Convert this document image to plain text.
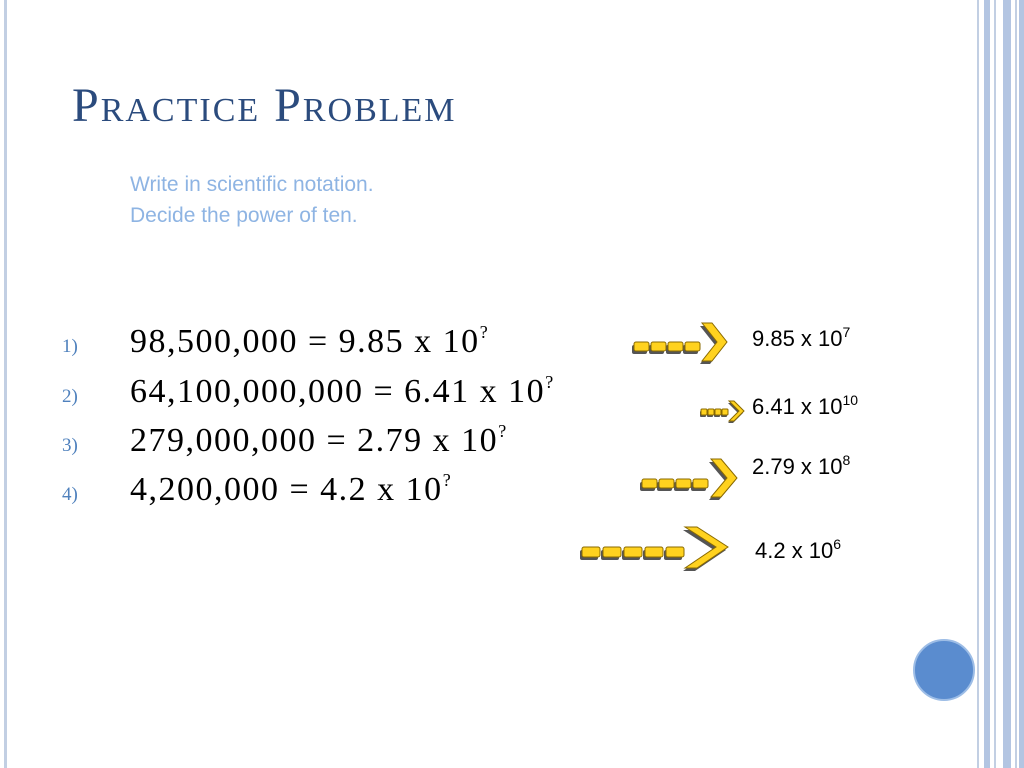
Practice Problem
Write in scientific notation.
Decide the power of ten.
1) 98,500,000 = 9.85 x 10?
2) 64,100,000,000 = 6.41 x 10?
3) 279,000,000 = 2.79 x 10?
4) 4,200,000 = 4.2 x 10?
9.85 x $10^7$
6.41 x $10^{10}$
2.79 x $10^8$
4.2 x $10^6$
